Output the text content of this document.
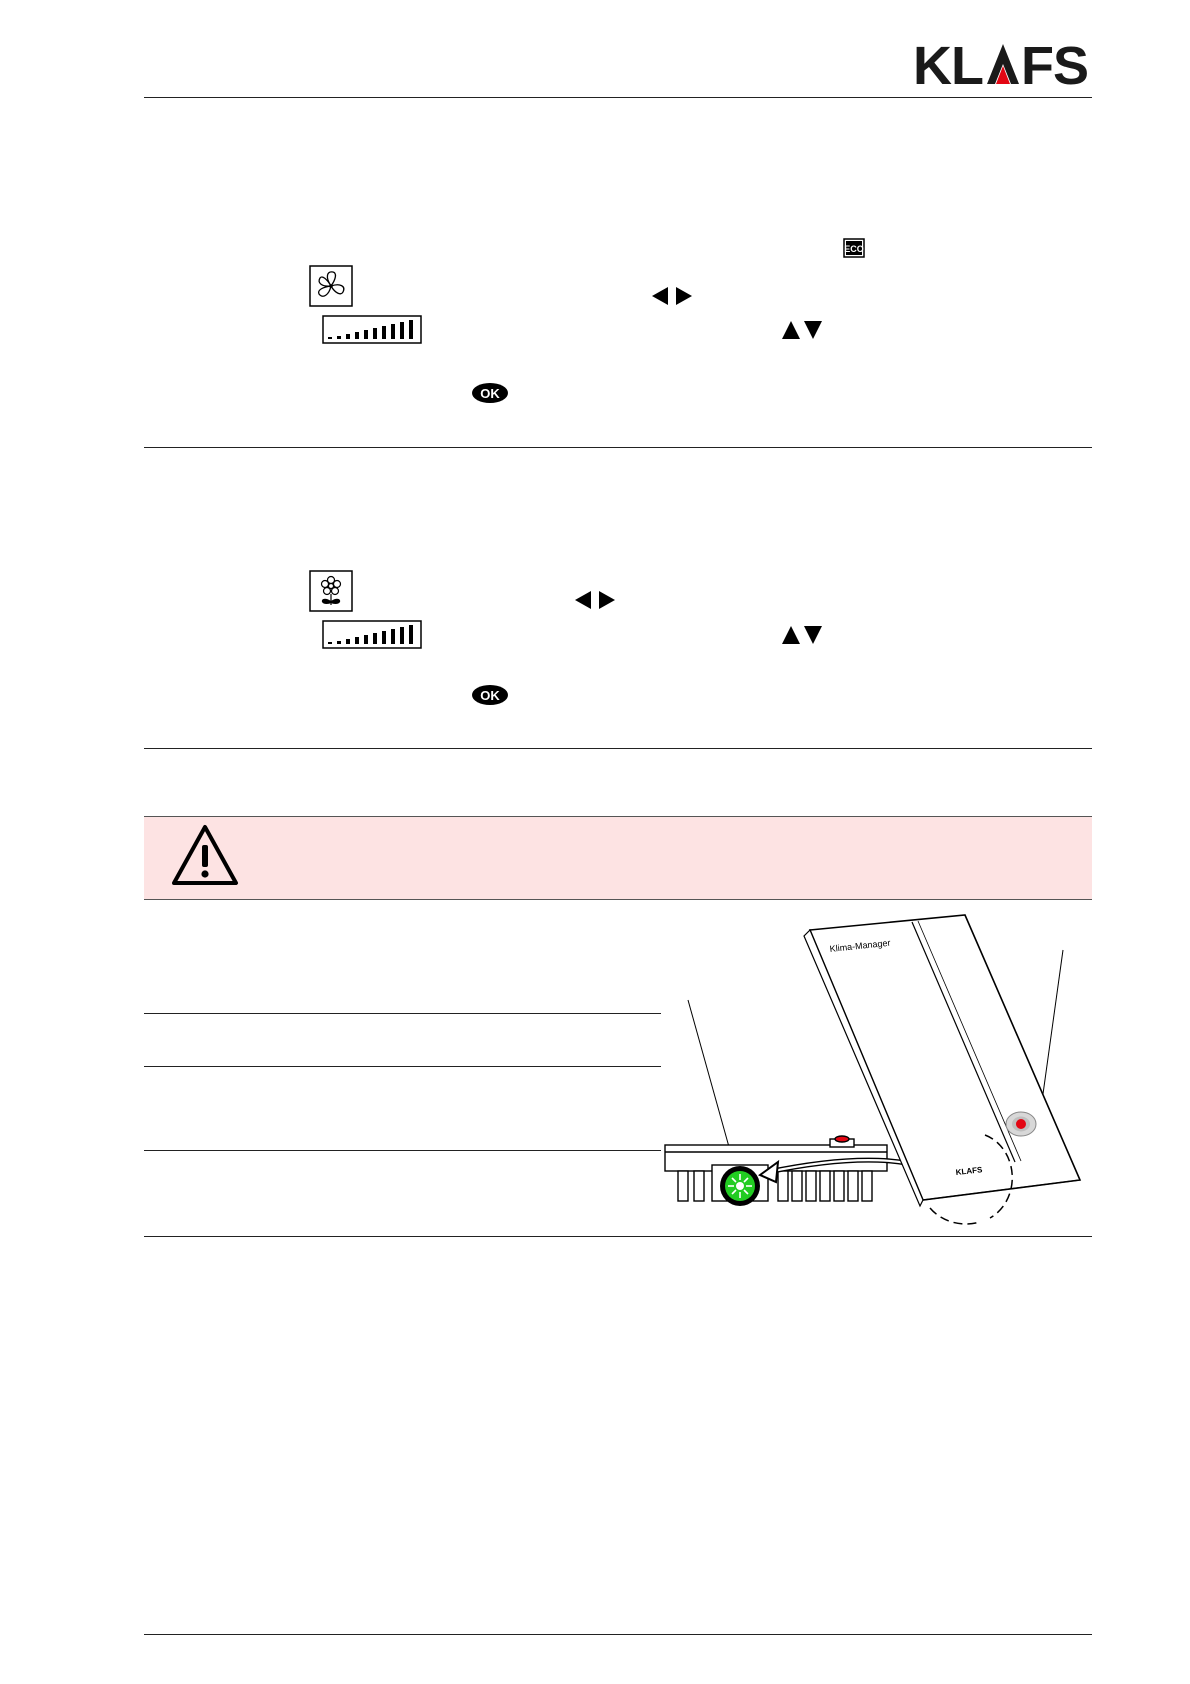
KL FS
ECO
OK
OK
Klima-Manager
KLAFS
